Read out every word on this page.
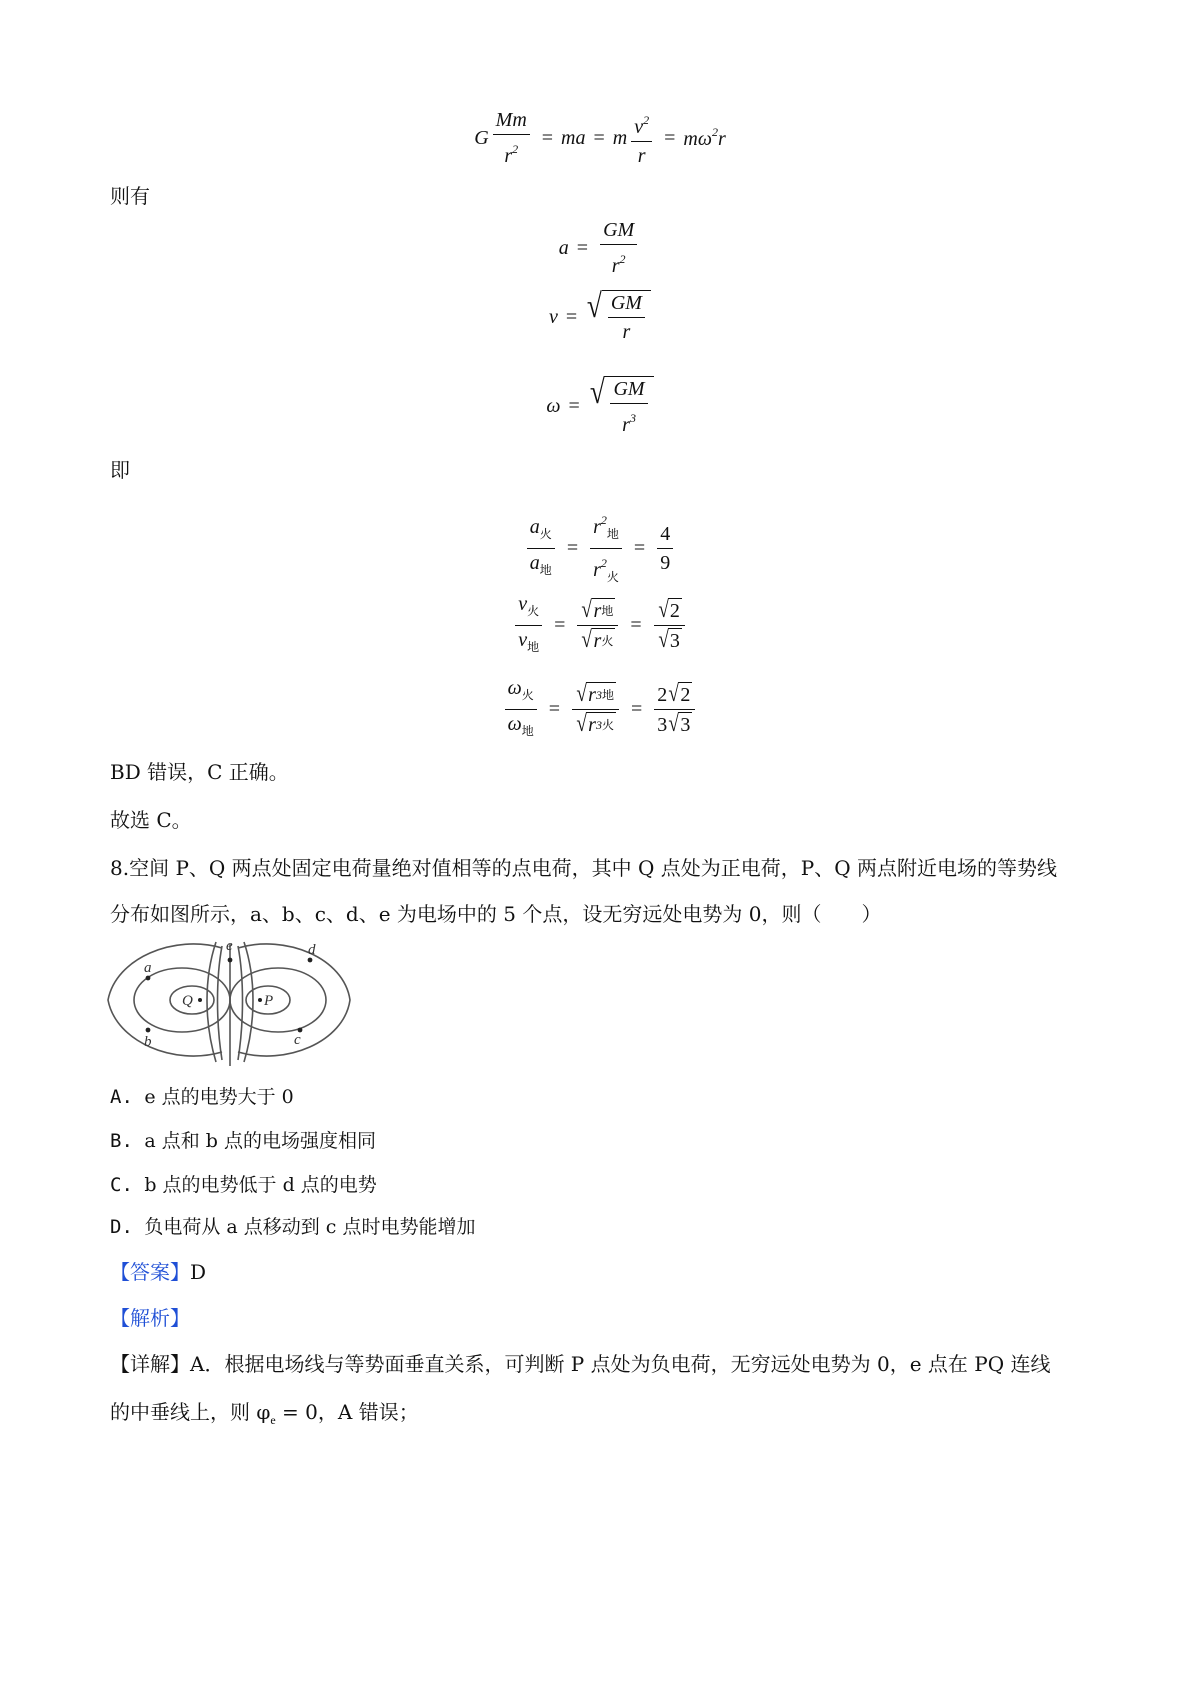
G $\frac{Mm}{r^2}$ = ma = m $\frac{v^2}{r} = m\omega^2r$
则有
$a = \frac{GM}{r^2}$
v = √ $\frac{GM}{r}$
ω = √ $\frac{GM}{r^3}$
即
$\frac{a_火}{a_地} = \frac{r^2_地}{r^2_火} = \frac{4}{9}$
$\frac{v_火}{v_地} = \frac{\text{√ r 地}}{\text{√ r 火}} = \frac{√ 2}{√ 3}$
$\frac{\omega_火}{\omega_地} = \frac{\text{√ r 3 地}}{\text{√ r 3 火}} = \frac{2 √ 2}{3 √ 3}$
BD 错误，C 正确。
故选 C。
8.空间 P、Q 两点处固定电荷量绝对值相等的点电荷，其中 Q 点处为正电荷，P、Q 两点附近电场的等势线
分布如图所示，a、b、c、d、e 为电场中的 5 个点，设无穷远处电势为 0，则（　　）
a
b	c
d
e
Q	P
A. e 点的电势大于 0
B. a 点和 b 点的电场强度相同
C. b 点的电势低于 d 点的电势
D. 负电荷从 a 点移动到 c 点时电势能增加
【答案】D
【解析】
【详解】A．根据电场线与等势面垂直关系，可判断 P 点处为负电荷，无穷远处电势为 0，e 点在 PQ 连线
的中垂线上，则 $\varphi_e = 0$，A 错误；
